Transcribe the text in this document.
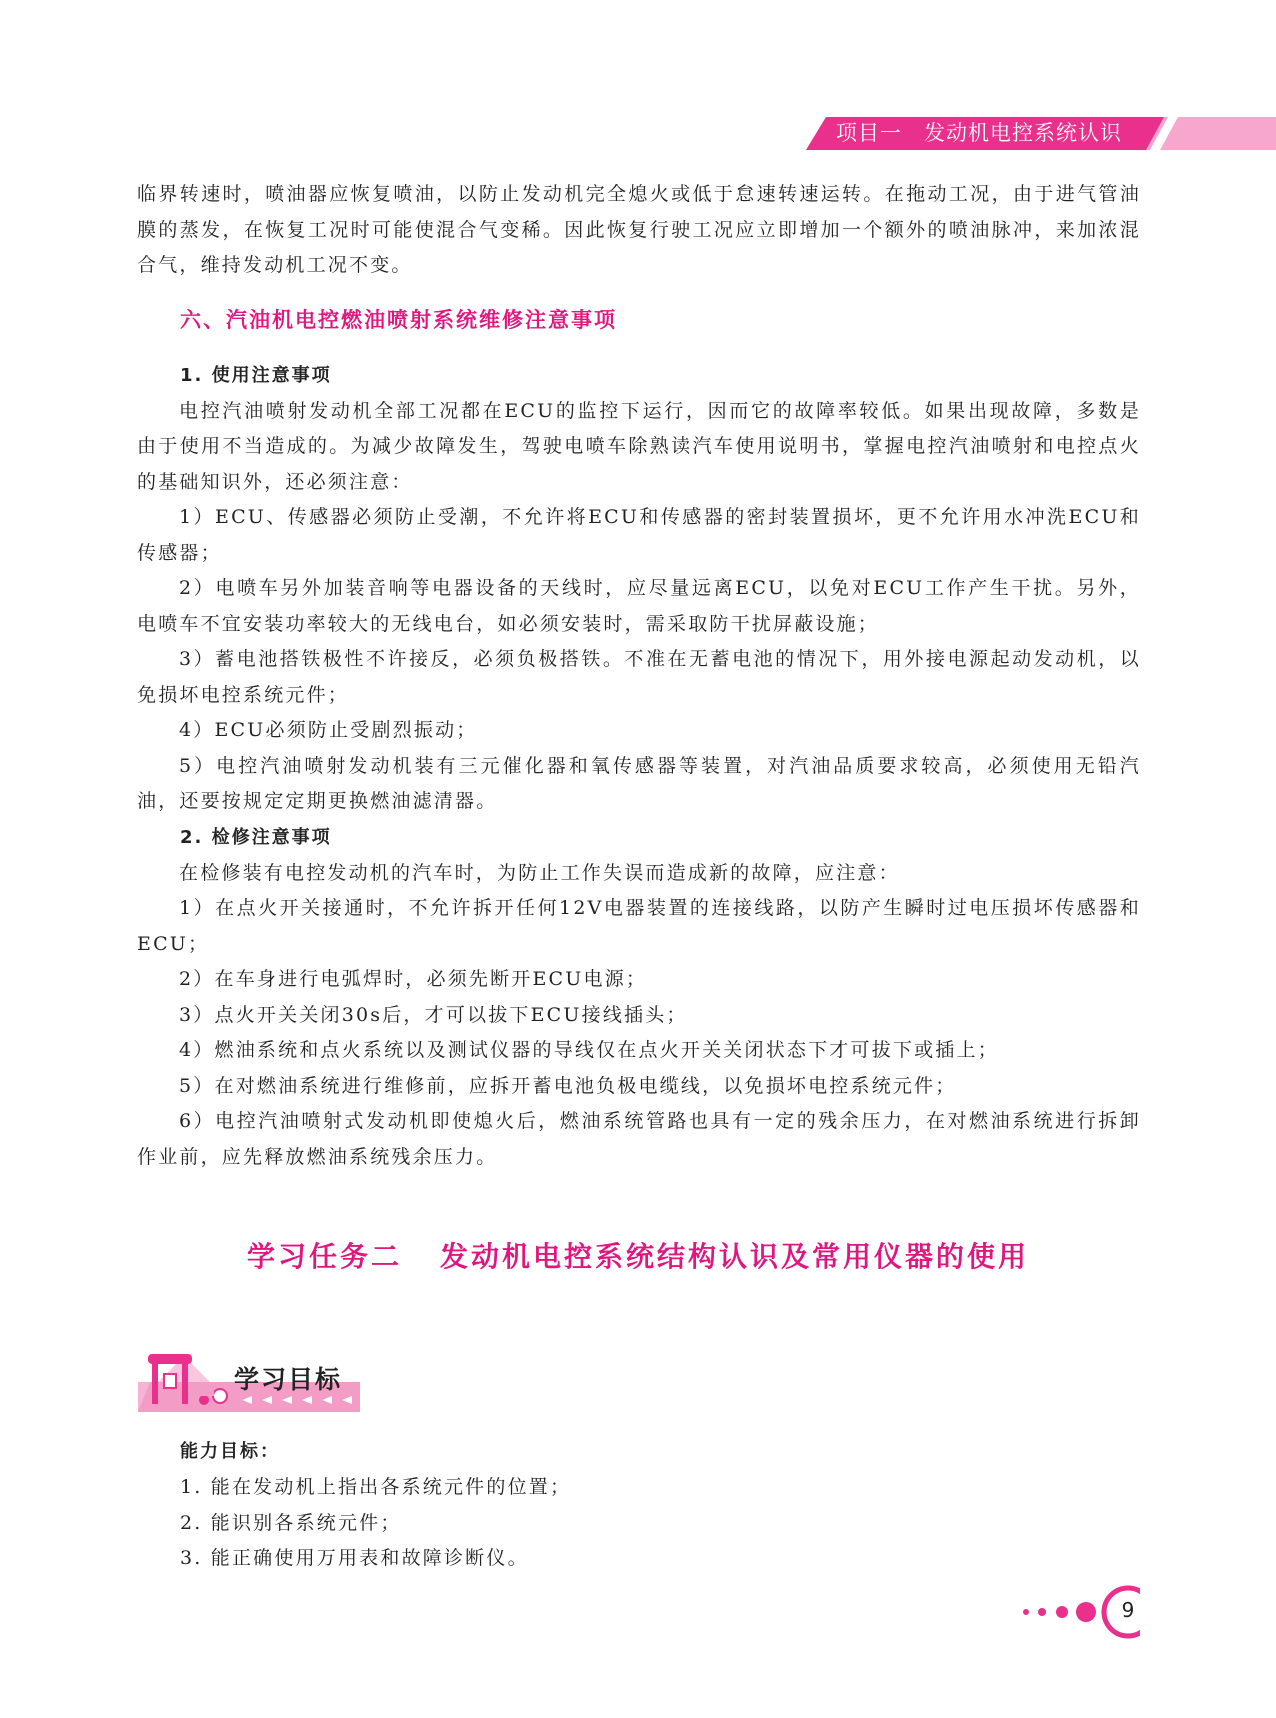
项目一 发动机电控系统认识

临界转速时，喷油器应恢复喷油，以防止发动机完全熄火或低于怠速转速运转。在拖动工况，由于进气管油膜的蒸发，在恢复工况时可能使混合气变稀。因此恢复行驶工况应立即增加一个额外的喷油脉冲，来加浓混合气，维持发动机工况不变。

六、汽油机电控燃油喷射系统维修注意事项
1. 使用注意事项

电控汽油喷射发动机全部工况都在ECU的监控下运行，因而它的故障率较低。如果出现故障，多数是由于使用不当造成的。为减少故障发生，驾驶电喷车除熟读汽车使用说明书，掌握电控汽油喷射和电控点火的基础知识外，还必须注意：

1）ECU、传感器必须防止受潮，不允许将ECU和传感器的密封装置损坏，更不允许用水冲洗ECU和传感器；

2）电喷车另外加装音响等电器设备的天线时，应尽量远离ECU，以免对ECU工作产生干扰。另外，电喷车不宜安装功率较大的无线电台，如必须安装时，需采取防干扰屏蔽设施；

3）蓄电池搭铁极性不许接反，必须负极搭铁。不准在无蓄电池的情况下，用外接电源起动发动机，以免损坏电控系统元件；

4）ECU必须防止受剧烈振动；

5）电控汽油喷射发动机装有三元催化器和氧传感器等装置，对汽油品质要求较高，必须使用无铅汽油，还要按规定定期更换燃油滤清器。

2. 检修注意事项

在检修装有电控发动机的汽车时，为防止工作失误而造成新的故障，应注意：

1）在点火开关接通时，不允许拆开任何12V电器装置的连接线路，以防产生瞬时过电压损坏传感器和ECU；

2）在车身进行电弧焊时，必须先断开ECU电源；

3）点火开关关闭30s后，才可以拔下ECU接线插头；

4）燃油系统和点火系统以及测试仪器的导线仅在点火开关关闭状态下才可拔下或插上；

5）在对燃油系统进行维修前，应拆开蓄电池负极电缆线，以免损坏电控系统元件；

6）电控汽油喷射式发动机即使熄火后，燃油系统管路也具有一定的残余压力，在对燃油系统进行拆卸作业前，应先释放燃油系统残余压力。

学习任务二 发动机电控系统结构认识及常用仪器的使用
学习目标
能力目标：

1. 能在发动机上指出各系统元件的位置；

2. 能识别各系统元件；

3. 能正确使用万用表和故障诊断仪。

9
